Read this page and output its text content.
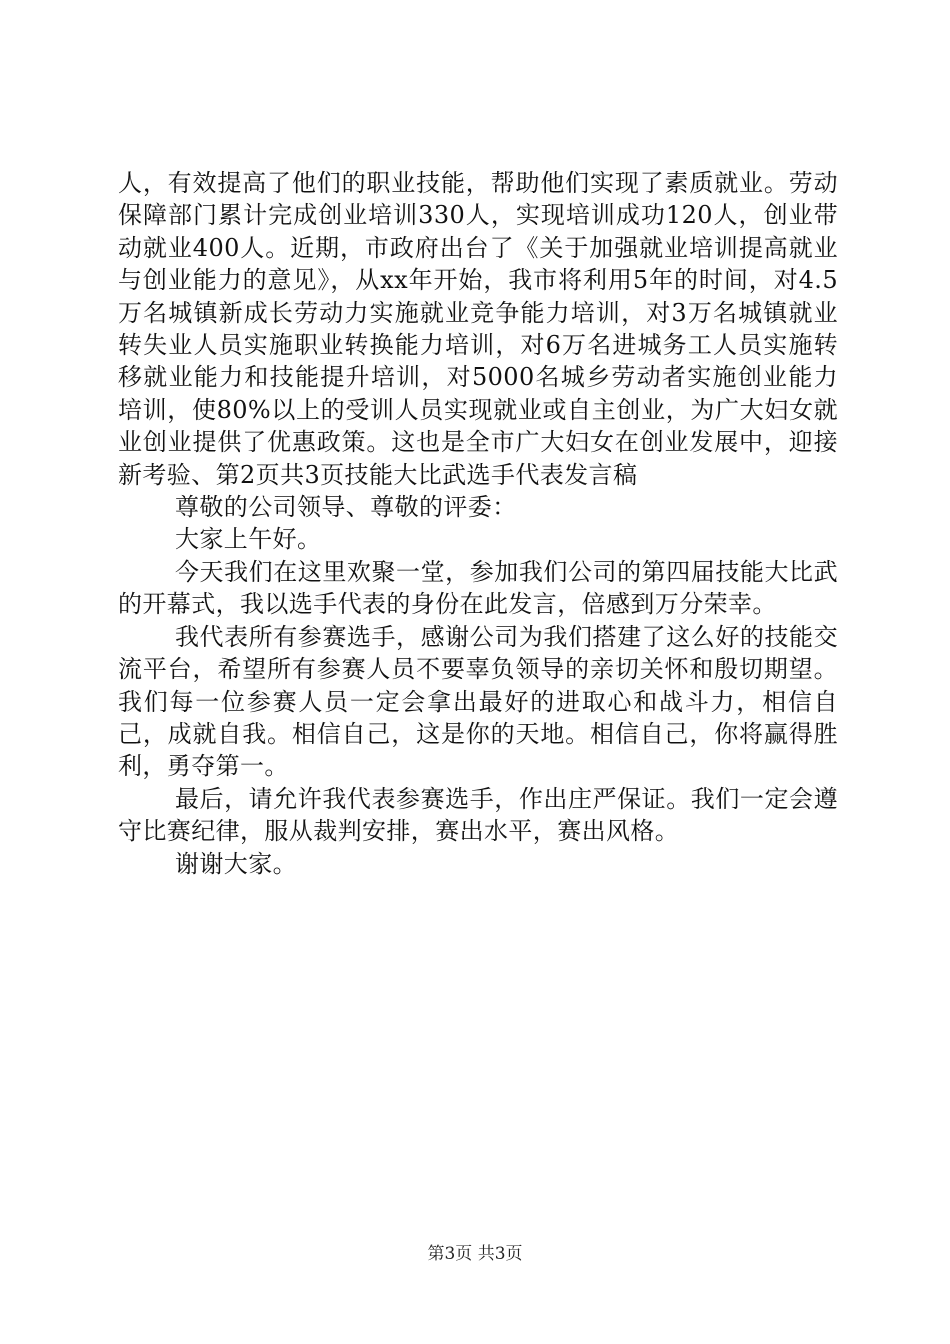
人，有效提高了他们的职业技能，帮助他们实现了素质就业。劳动保障部门累计完成创业培训330人，实现培训成功120人，创业带动就业400人。近期，市政府出台了《关于加强就业培训提高就业与创业能力的意见》，从xx年开始，我市将利用5年的时间，对4.5万名城镇新成长劳动力实施就业竞争能力培训，对3万名城镇就业转失业人员实施职业转换能力培训，对6万名进城务工人员实施转移就业能力和技能提升培训，对5000名城乡劳动者实施创业能力培训，使80%以上的受训人员实现就业或自主创业，为广大妇女就业创业提供了优惠政策。这也是全市广大妇女在创业发展中，迎接新考验、第2页共3页技能大比武选手代表发言稿

尊敬的公司领导、尊敬的评委：

大家上午好。

今天我们在这里欢聚一堂，参加我们公司的第四届技能大比武的开幕式，我以选手代表的身份在此发言，倍感到万分荣幸。

我代表所有参赛选手，感谢公司为我们搭建了这么好的技能交流平台，希望所有参赛人员不要辜负领导的亲切关怀和殷切期望。我们每一位参赛人员一定会拿出最好的进取心和战斗力，相信自己，成就自我。相信自己，这是你的天地。相信自己，你将赢得胜利，勇夺第一。

最后，请允许我代表参赛选手，作出庄严保证。我们一定会遵守比赛纪律，服从裁判安排，赛出水平，赛出风格。

谢谢大家。

第3页 共3页
